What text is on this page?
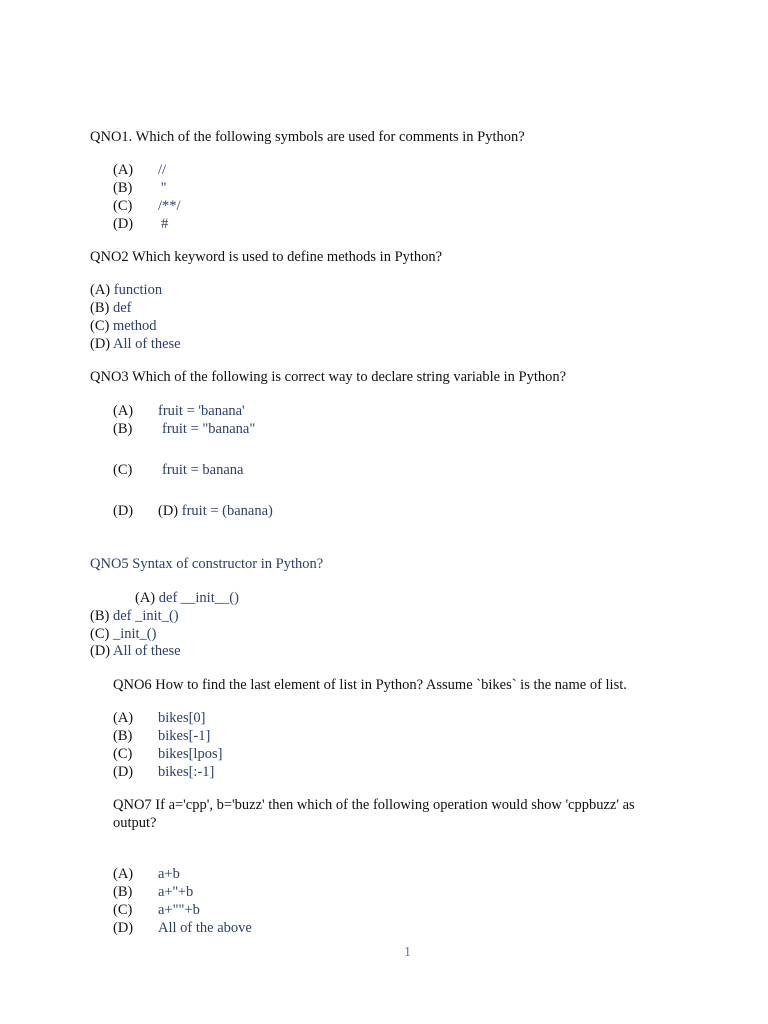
QNO1. Which of the following symbols are used for comments in Python?
(A) //
(B) ''
(C) /**/
(D) #
QNO2 Which keyword is used to define methods in Python?
(A) function
(B) def
(C) method
(D) All of these
QNO3 Which of the following is correct way to declare string variable in Python?
(A) fruit = 'banana'
(B) fruit = "banana"
(C) fruit = banana
(D) (D) fruit = (banana)
QNO5 Syntax of constructor in Python?
(A) def __init__()
(B) def _init_()
(C) _init_()
(D) All of these
QNO6 How to find the last element of list in Python? Assume `bikes` is the name of list.
(A) bikes[0]
(B) bikes[-1]
(C) bikes[lpos]
(D) bikes[:-1]
QNO7 If a='cpp', b='buzz' then which of the following operation would show 'cppbuzz' as
output?
(A) a+b
(B) a+''+b
(C) a+""+b
(D) All of the above
1
